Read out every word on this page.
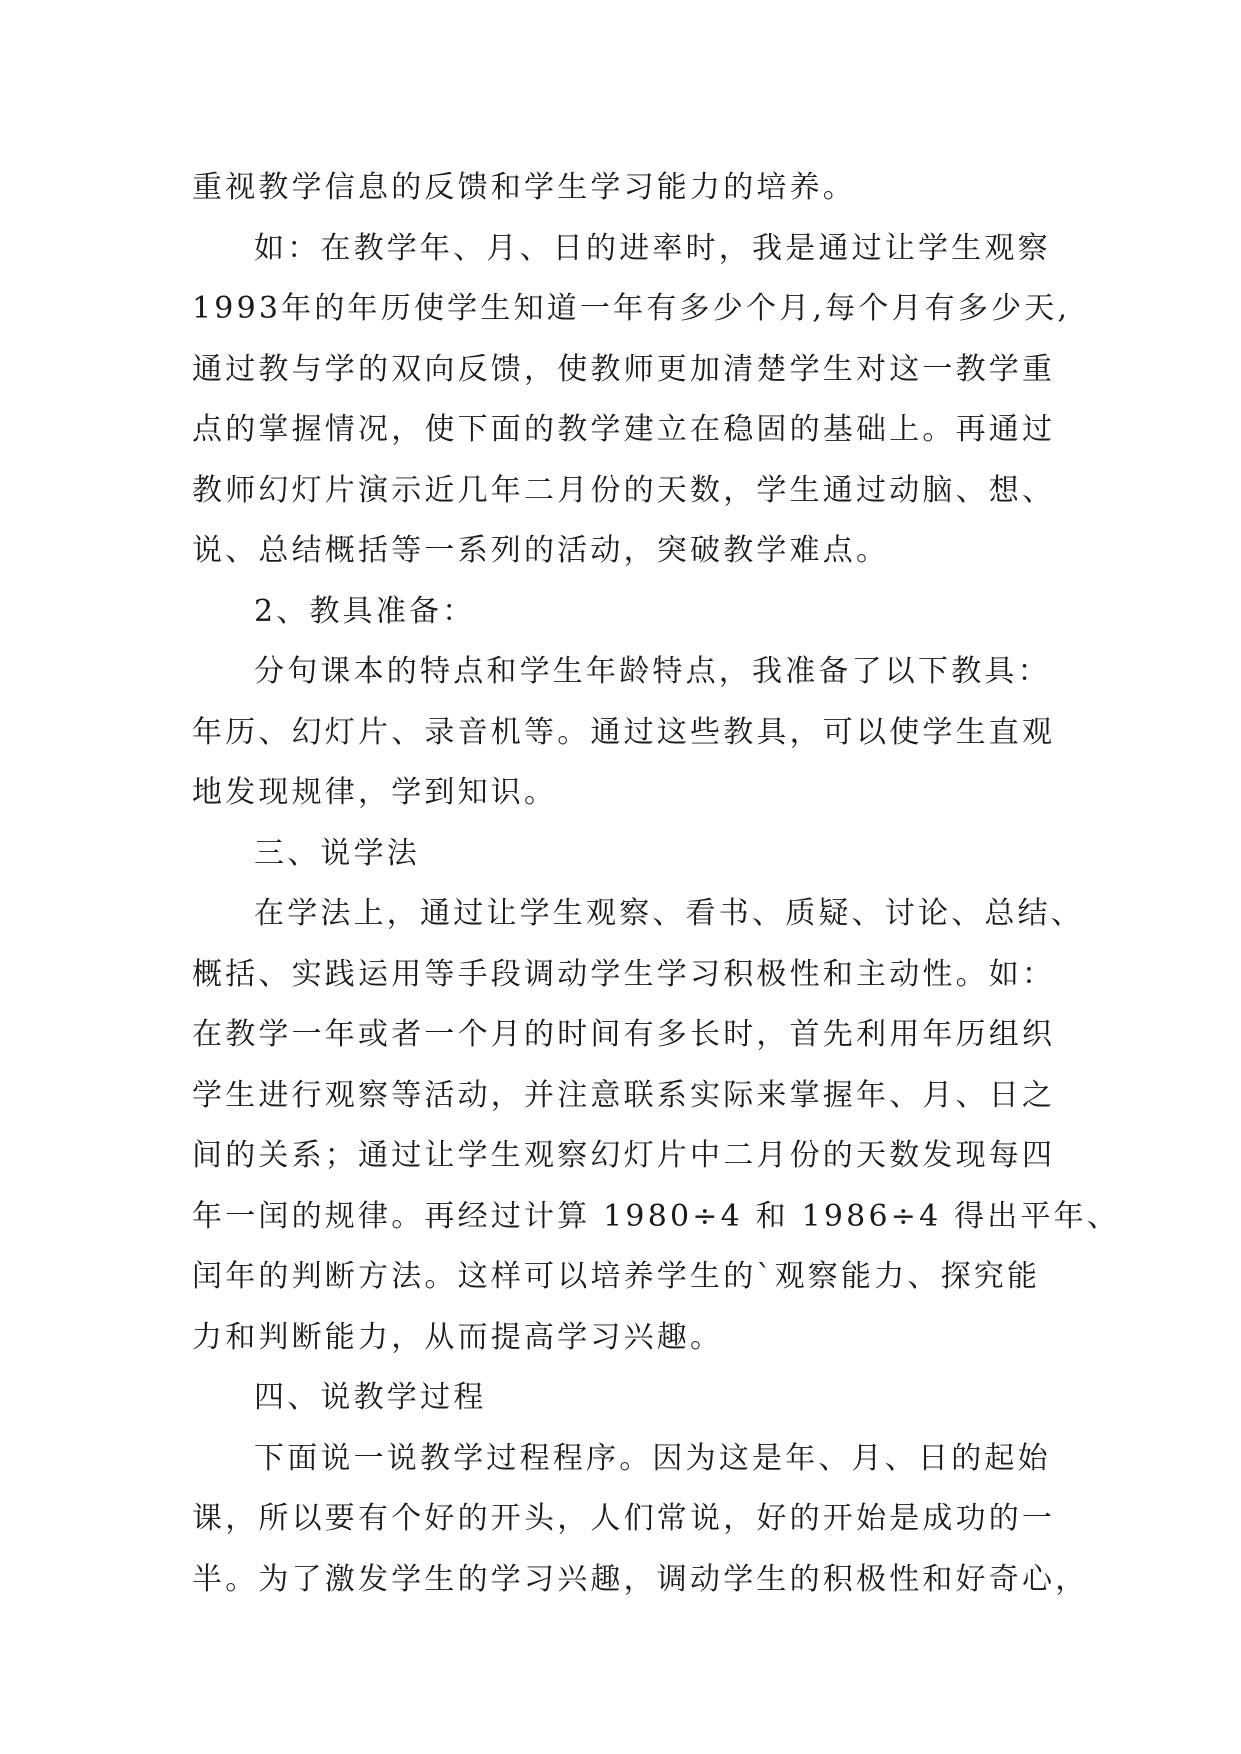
重视教学信息的反馈和学生学习能力的培养。
如：在教学年、月、日的进率时，我是通过让学生观察
1993年的年历使学生知道一年有多少个月,每个月有多少天,
通过教与学的双向反馈，使教师更加清楚学生对这一教学重
点的掌握情况，使下面的教学建立在稳固的基础上。再通过
教师幻灯片演示近几年二月份的天数，学生通过动脑、想、
说、总结概括等一系列的活动，突破教学难点。
2、教具准备：
分句课本的特点和学生年龄特点，我准备了以下教具：
年历、幻灯片、录音机等。通过这些教具，可以使学生直观
地发现规律，学到知识。
三、说学法
在学法上，通过让学生观察、看书、质疑、讨论、总结、
概括、实践运用等手段调动学生学习积极性和主动性。如：
在教学一年或者一个月的时间有多长时，首先利用年历组织
学生进行观察等活动，并注意联系实际来掌握年、月、日之
间的关系；通过让学生观察幻灯片中二月份的天数发现每四
年一闰的规律。再经过计算 1980÷4 和 1986÷4 得出平年、
闰年的判断方法。这样可以培养学生的`观察能力、探究能
力和判断能力，从而提高学习兴趣。
四、说教学过程
下面说一说教学过程程序。因为这是年、月、日的起始
课，所以要有个好的开头，人们常说，好的开始是成功的一
半。为了激发学生的学习兴趣，调动学生的积极性和好奇心，
